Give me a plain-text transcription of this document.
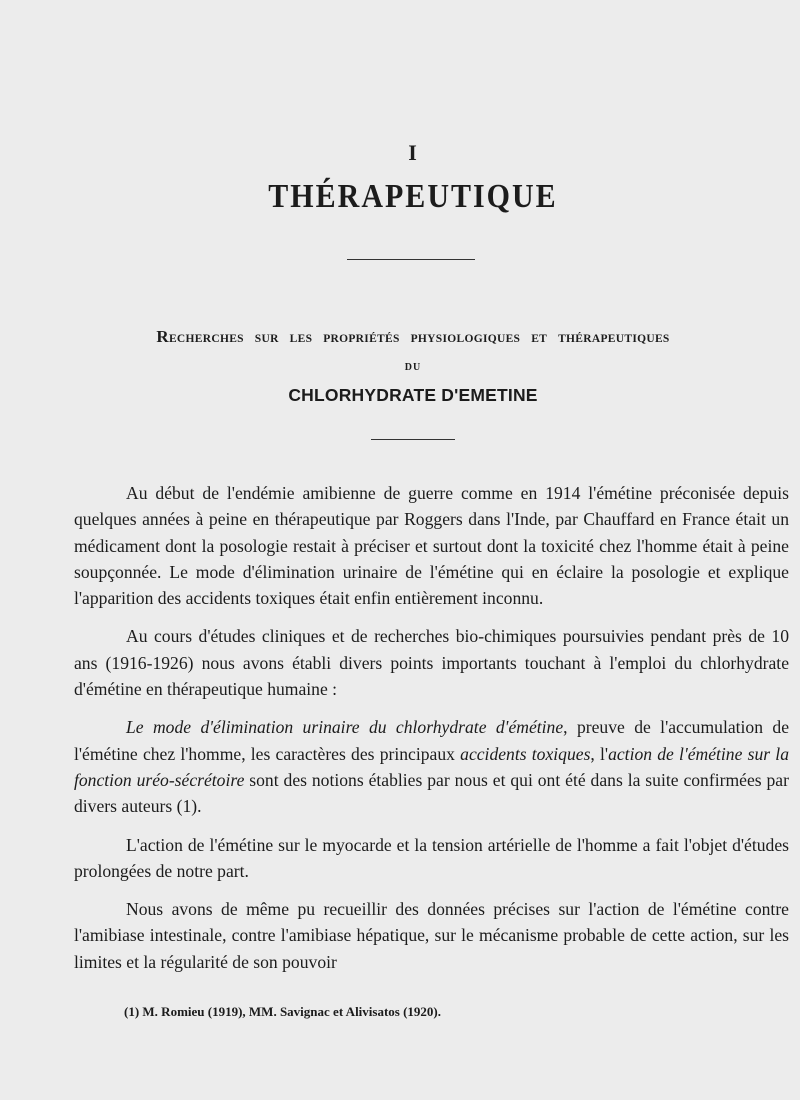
I
THÉRAPEUTIQUE
RECHERCHES SUR LES PROPRIÉTÉS PHYSIOLOGIQUES ET THÉRAPEUTIQUES
DU
CHLORHYDRATE D'EMETINE

Au début de l'endémie amibienne de guerre comme en 1914 l'émétine préconisée depuis quelques années à peine en thérapeutique par Roggers dans l'Inde, par Chauffard en France était un médicament dont la posologie restait à préciser et surtout dont la toxicité chez l'homme était à peine soupçonnée. Le mode d'élimination urinaire de l'émétine qui en éclaire la posologie et explique l'apparition des accidents toxiques était enfin entièrement inconnu.

Au cours d'études cliniques et de recherches bio-chimiques poursuivies pendant près de 10 ans (1916-1926) nous avons établi divers points importants touchant à l'emploi du chlorhydrate d'émétine en thérapeutique humaine :

Le mode d'élimination urinaire du chlorhydrate d'émétine, preuve de l'accumulation de l'émétine chez l'homme, les caractères des principaux accidents toxiques, l'action de l'émétine sur la fonction uréo-sécrétoire sont des notions établies par nous et qui ont été dans la suite confirmées par divers auteurs (1).

L'action de l'émétine sur le myocarde et la tension artérielle de l'homme a fait l'objet d'études prolongées de notre part.

Nous avons de même pu recueillir des données précises sur l'action de l'émétine contre l'amibiase intestinale, contre l'amibiase hépatique, sur le mécanisme probable de cette action, sur les limites et la régularité de son pouvoir

(1) M. Romieu (1919), MM. Savignac et Alivisatos (1920).
